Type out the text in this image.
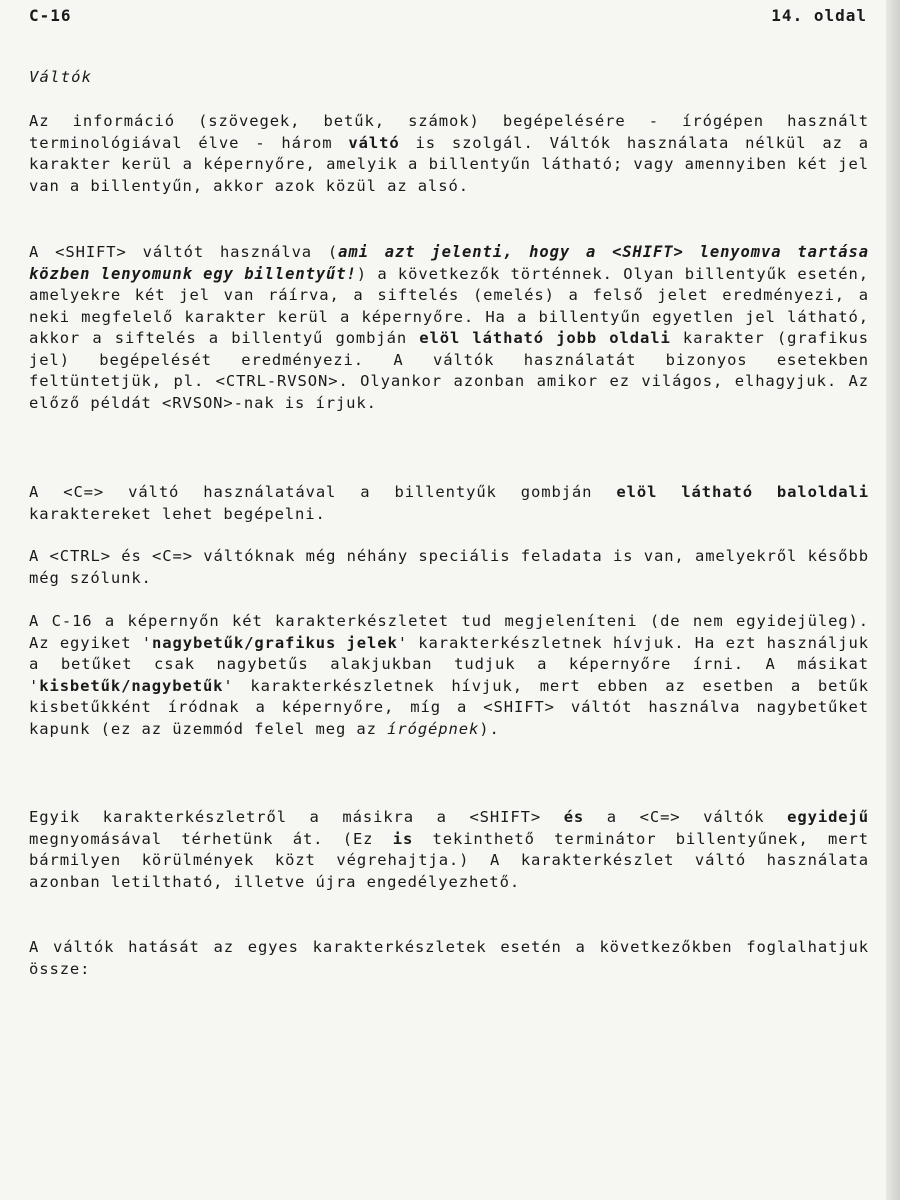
C-16	14. oldal
Váltók
Az információ (szövegek, betűk, számok) begépelésére - írógépen használt terminológiával élve - három váltó is szolgál. Váltók használata nélkül az a karakter kerül a képernyőre, amelyik a billentyűn látható; vagy amennyiben két jel van a billentyűn, akkor azok közül az alsó.
A <SHIFT> váltót használva (ami azt jelenti, hogy a <SHIFT> lenyomva tartása közben lenyomunk egy billentyűt!) a következők történnek. Olyan billentyűk esetén, amelyekre két jel van ráírva, a siftelés (emelés) a felső jelet eredményezi, a neki megfelelő karakter kerül a képernyőre. Ha a billentyűn egyetlen jel látható, akkor a siftelés a billentyű gombján elöl látható jobb oldali karakter (grafikus jel) begépelését eredményezi. A váltók használatát bizonyos esetekben feltüntetjük, pl. <CTRL-RVSON>. Olyankor azonban amikor ez világos, elhagyjuk. Az előző példát <RVSON>-nak is írjuk.
A <C=> váltó használatával a billentyűk gombján elöl látható baloldali karaktereket lehet begépelni.
A <CTRL> és <C=> váltóknak még néhány speciális feladata is van, amelyekről később még szólunk.
A C-16 a képernyőn két karakterkészletet tud megjeleníteni (de nem egyidejüleg). Az egyiket 'nagybetűk/grafikus jelek' karakterkészletnek hívjuk. Ha ezt használjuk a betűket csak nagybetűs alakjukban tudjuk a képernyőre írni. A másikat 'kisbetűk/nagybetűk' karakterkészletnek hívjuk, mert ebben az esetben a betűk kisbetűkként íródnak a képernyőre, míg a <SHIFT> váltót használva nagybetűket kapunk (ez az üzemmód felel meg az írógépnek).
Egyik karakterkészletről a másikra a <SHIFT> és a <C=> váltók egyidejű megnyomásával térhetünk át. (Ez is tekinthető terminátor billentyűnek, mert bármilyen körülmények közt végrehajtja.) A karakterkészlet váltó használata azonban letiltható, illetve újra engedélyezhető.
A váltók hatását az egyes karakterkészletek esetén a következőkben foglalhatjuk össze:
